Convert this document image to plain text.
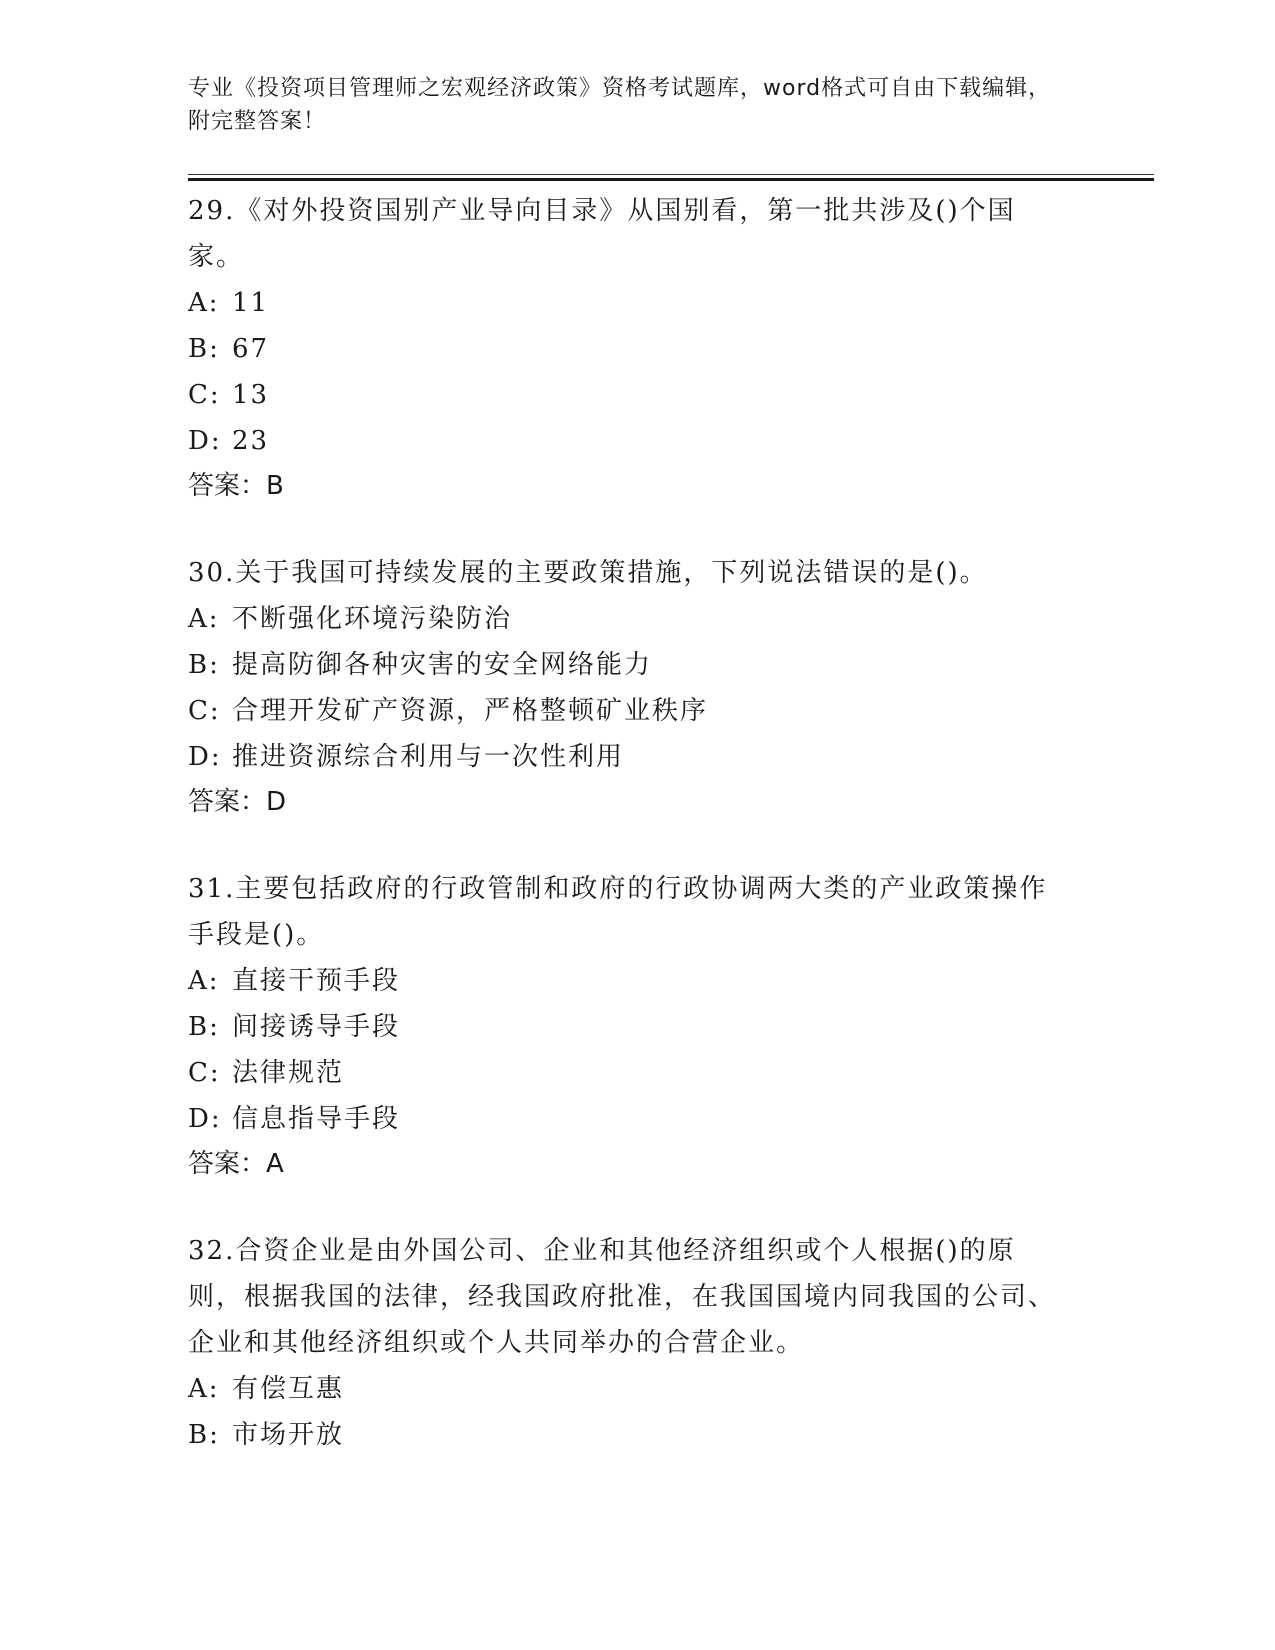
专业《投资项目管理师之宏观经济政策》资格考试题库，word格式可自由下载编辑，附完整答案！

29.《对外投资国别产业导向目录》从国别看，第一批共涉及()个国家。

A: 11

B: 67

C: 13

D: 23

答案：B

30.关于我国可持续发展的主要政策措施，下列说法错误的是()。

A: 不断强化环境污染防治

B: 提高防御各种灾害的安全网络能力

C: 合理开发矿产资源，严格整顿矿业秩序

D: 推进资源综合利用与一次性利用

答案：D

31.主要包括政府的行政管制和政府的行政协调两大类的产业政策操作手段是()。

A: 直接干预手段

B: 间接诱导手段

C: 法律规范

D: 信息指导手段

答案：A

32.合资企业是由外国公司、企业和其他经济组织或个人根据()的原则，根据我国的法律，经我国政府批准，在我国国境内同我国的公司、企业和其他经济组织或个人共同举办的合营企业。

A: 有偿互惠

B: 市场开放
